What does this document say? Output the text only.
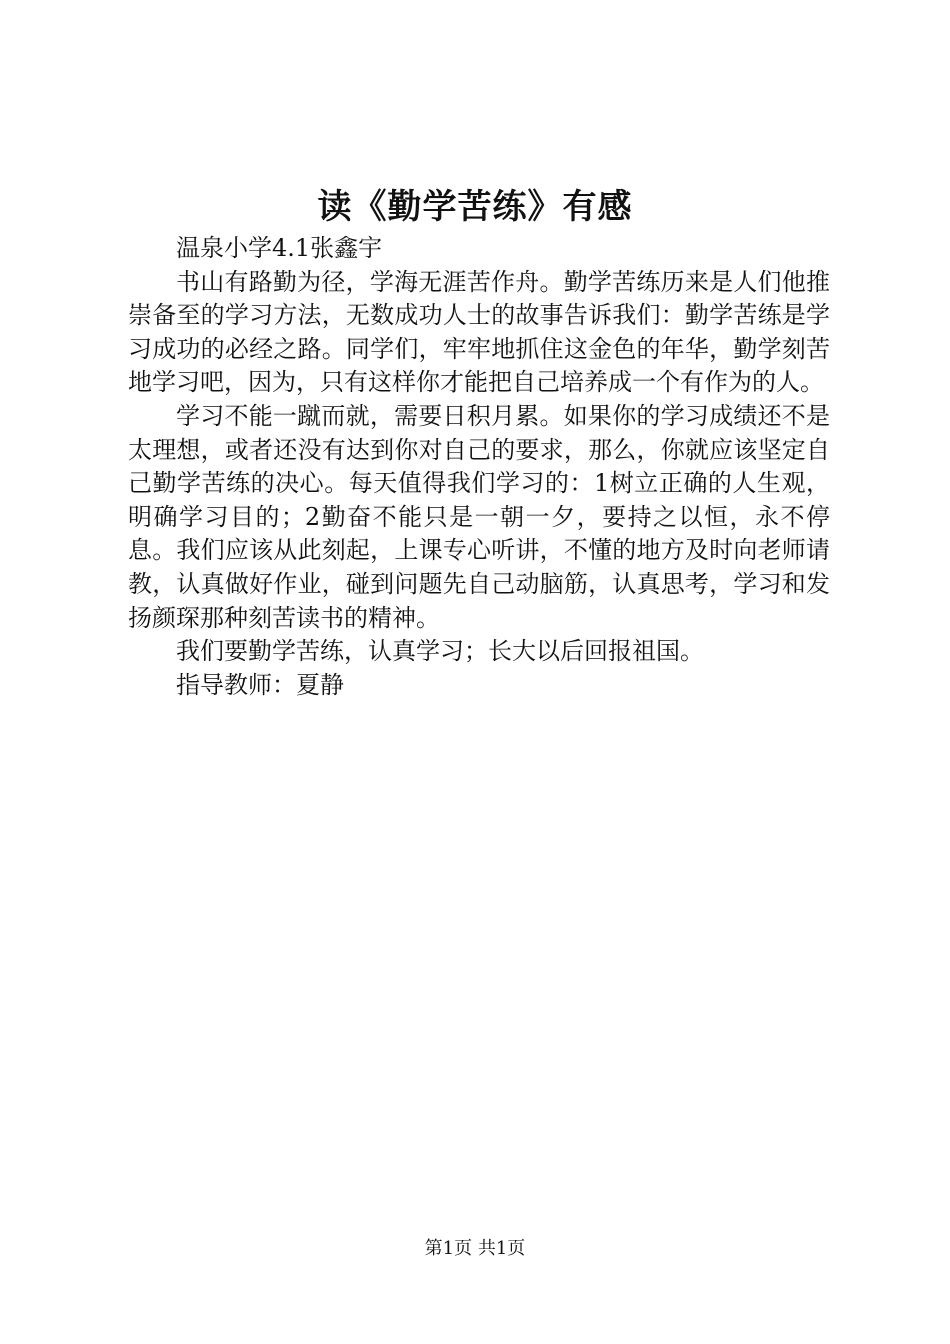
读《勤学苦练》有感

温泉小学4.1张鑫宇

书山有路勤为径，学海无涯苦作舟。勤学苦练历来是人们他推崇备至的学习方法，无数成功人士的故事告诉我们：勤学苦练是学习成功的必经之路。同学们，牢牢地抓住这金色的年华，勤学刻苦地学习吧，因为，只有这样你才能把自己培养成一个有作为的人。

学习不能一蹴而就，需要日积月累。如果你的学习成绩还不是太理想，或者还没有达到你对自己的要求，那么，你就应该坚定自己勤学苦练的决心。每天值得我们学习的：1树立正确的人生观，明确学习目的；2勤奋不能只是一朝一夕，要持之以恒，永不停息。我们应该从此刻起，上课专心听讲，不懂的地方及时向老师请教，认真做好作业，碰到问题先自己动脑筋，认真思考，学习和发扬颜琛那种刻苦读书的精神。

我们要勤学苦练，认真学习；长大以后回报祖国。

指导教师：夏静

第1页 共1页
